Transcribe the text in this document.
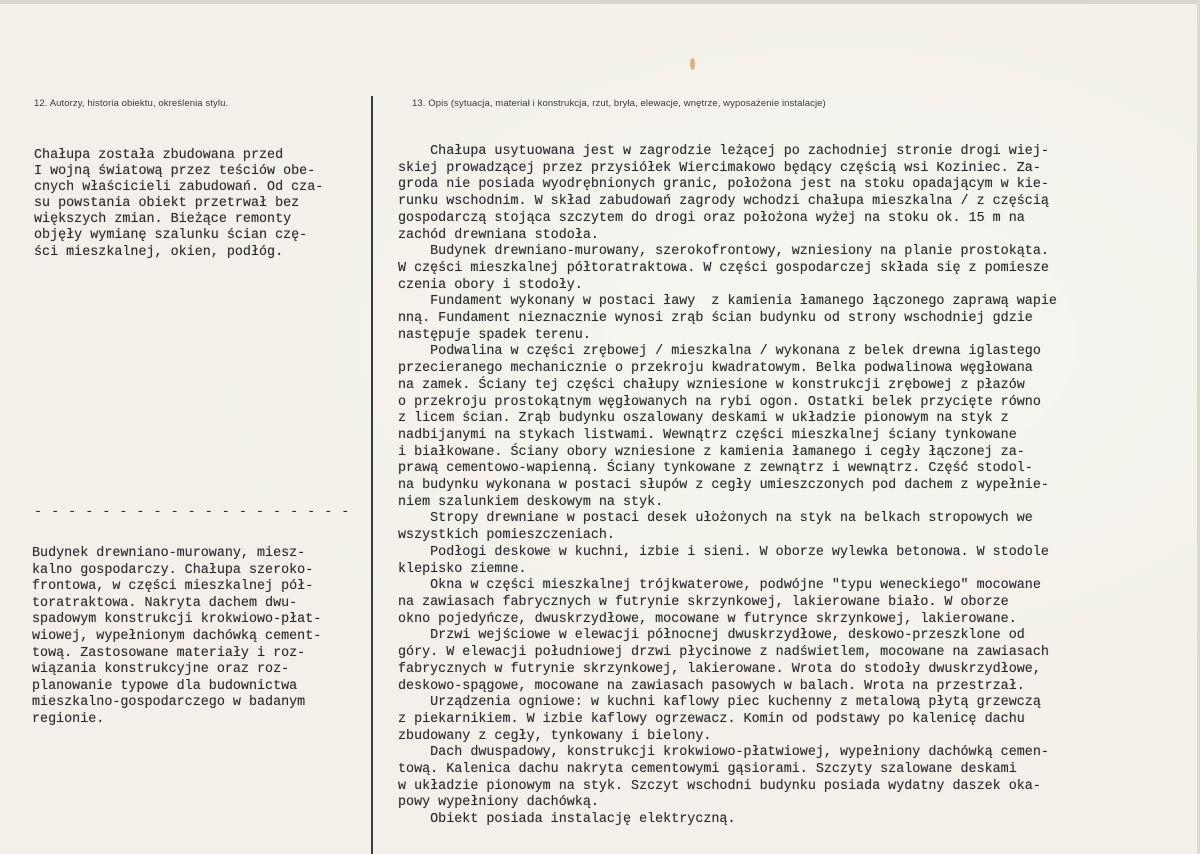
12. Autorzy, historia obiektu, określenia stylu.	13. Opis (sytuacja, materiał i konstrukcja, rzut, bryła, elewacje, wnętrze, wyposażenie instalacje)
Chałupa została zbudowana przed
I wojną światową przez teściów obe-
cnych właścicieli zabudowań. Od cza-
su powstania obiekt przetrwał bez
większych zmian. Bieżące remonty
objęły wymianę szalunku ścian czę-
ści mieszkalnej, okien, podłóg.
- - - - - - - - - - - - - - - - - - -
Budynek drewniano-murowany, miesz-
kalno gospodarczy. Chałupa szeroko-
frontowa, w części mieszkalnej pół-
toratraktowa. Nakryta dachem dwu-
spadowym konstrukcji krokwiowo-płat-
wiowej, wypełnionym dachówką cement-
tową. Zastosowane materiały i roz-
wiązania konstrukcyjne oraz roz-
planowanie typowe dla budownictwa
mieszkalno-gospodarczego w badanym
regionie.
Chałupa usytuowana jest w zagrodzie leżącej po zachodniej stronie drogi wiej-
skiej prowadzącej przez przysiółek Wiercimakowo będący częścią wsi Koziniec. Za-
groda nie posiada wyodrębnionych granic, położona jest na stoku opadającym w kie-
runku wschodnim. W skład zabudowań zagrody wchodzi chałupa mieszkalna / z częścią
gospodarczą stojąca szczytem do drogi oraz położona wyżej na stoku ok. 15 m na
zachód drewniana stodoła.
Budynek drewniano-murowany, szerokofrontowy, wzniesiony na planie prostokąta.
W części mieszkalnej półtoratraktowa. W części gospodarczej składa się z pomiesze
czenia obory i stodoły.
Fundament wykonany w postaci ławy  z kamienia łamanego łączonego zaprawą wapie
nną. Fundament nieznacznie wynosi zrąb ścian budynku od strony wschodniej gdzie
następuje spadek terenu.
Podwalina w części zrębowej / mieszkalna / wykonana z belek drewna iglastego
przecieranego mechanicznie o przekroju kwadratowym. Belka podwalinowa węgłowana
na zamek. Ściany tej części chałupy wzniesione w konstrukcji zrębowej z płazów
o przekroju prostokątnym węgłowanych na rybi ogon. Ostatki belek przycięte równo
z licem ścian. Zrąb budynku oszalowany deskami w układzie pionowym na styk z
nadbijanymi na stykach listwami. Wewnątrz części mieszkalnej ściany tynkowane
i białkowane. Ściany obory wzniesione z kamienia łamanego i cegły łączonej za-
prawą cementowo-wapienną. Ściany tynkowane z zewnątrz i wewnątrz. Część stodol-
na budynku wykonana w postaci słupów z cegły umieszczonych pod dachem z wypełnie-
niem szalunkiem deskowym na styk.
Stropy drewniane w postaci desek ułożonych na styk na belkach stropowych we
wszystkich pomieszczeniach.
Podłogi deskowe w kuchni, izbie i sieni. W oborze wylewka betonowa. W stodole
klepisko ziemne.
Okna w części mieszkalnej trójkwaterowe, podwójne "typu weneckiego" mocowane
na zawiasach fabrycznych w futrynie skrzynkowej, lakierowane biało. W oborze
okno pojedyńcze, dwuskrzydłowe, mocowane w futrynce skrzynkowej, lakierowane.
Drzwi wejściowe w elewacji północnej dwuskrzydłowe, deskowo-przeszklone od
góry. W elewacji południowej drzwi płycinowe z nadświetlem, mocowane na zawiasach
fabrycznych w futrynie skrzynkowej, lakierowane. Wrota do stodoły dwuskrzydłowe,
deskowo-spągowe, mocowane na zawiasach pasowych w balach. Wrota na przestrzał.
Urządzenia ogniowe: w kuchni kaflowy piec kuchenny z metalową płytą grzewczą
z piekarnikiem. W izbie kaflowy ogrzewacz. Komin od podstawy po kalenicę dachu
zbudowany z cegły, tynkowany i bielony.
Dach dwuspadowy, konstrukcji krokwiowo-płatwiowej, wypełniony dachówką cemen-
tową. Kalenica dachu nakryta cementowymi gąsiorami. Szczyty szalowane deskami
w układzie pionowym na styk. Szczyt wschodni budynku posiada wydatny daszek oka-
powy wypełniony dachówką.
Obiekt posiada instalację elektryczną.
